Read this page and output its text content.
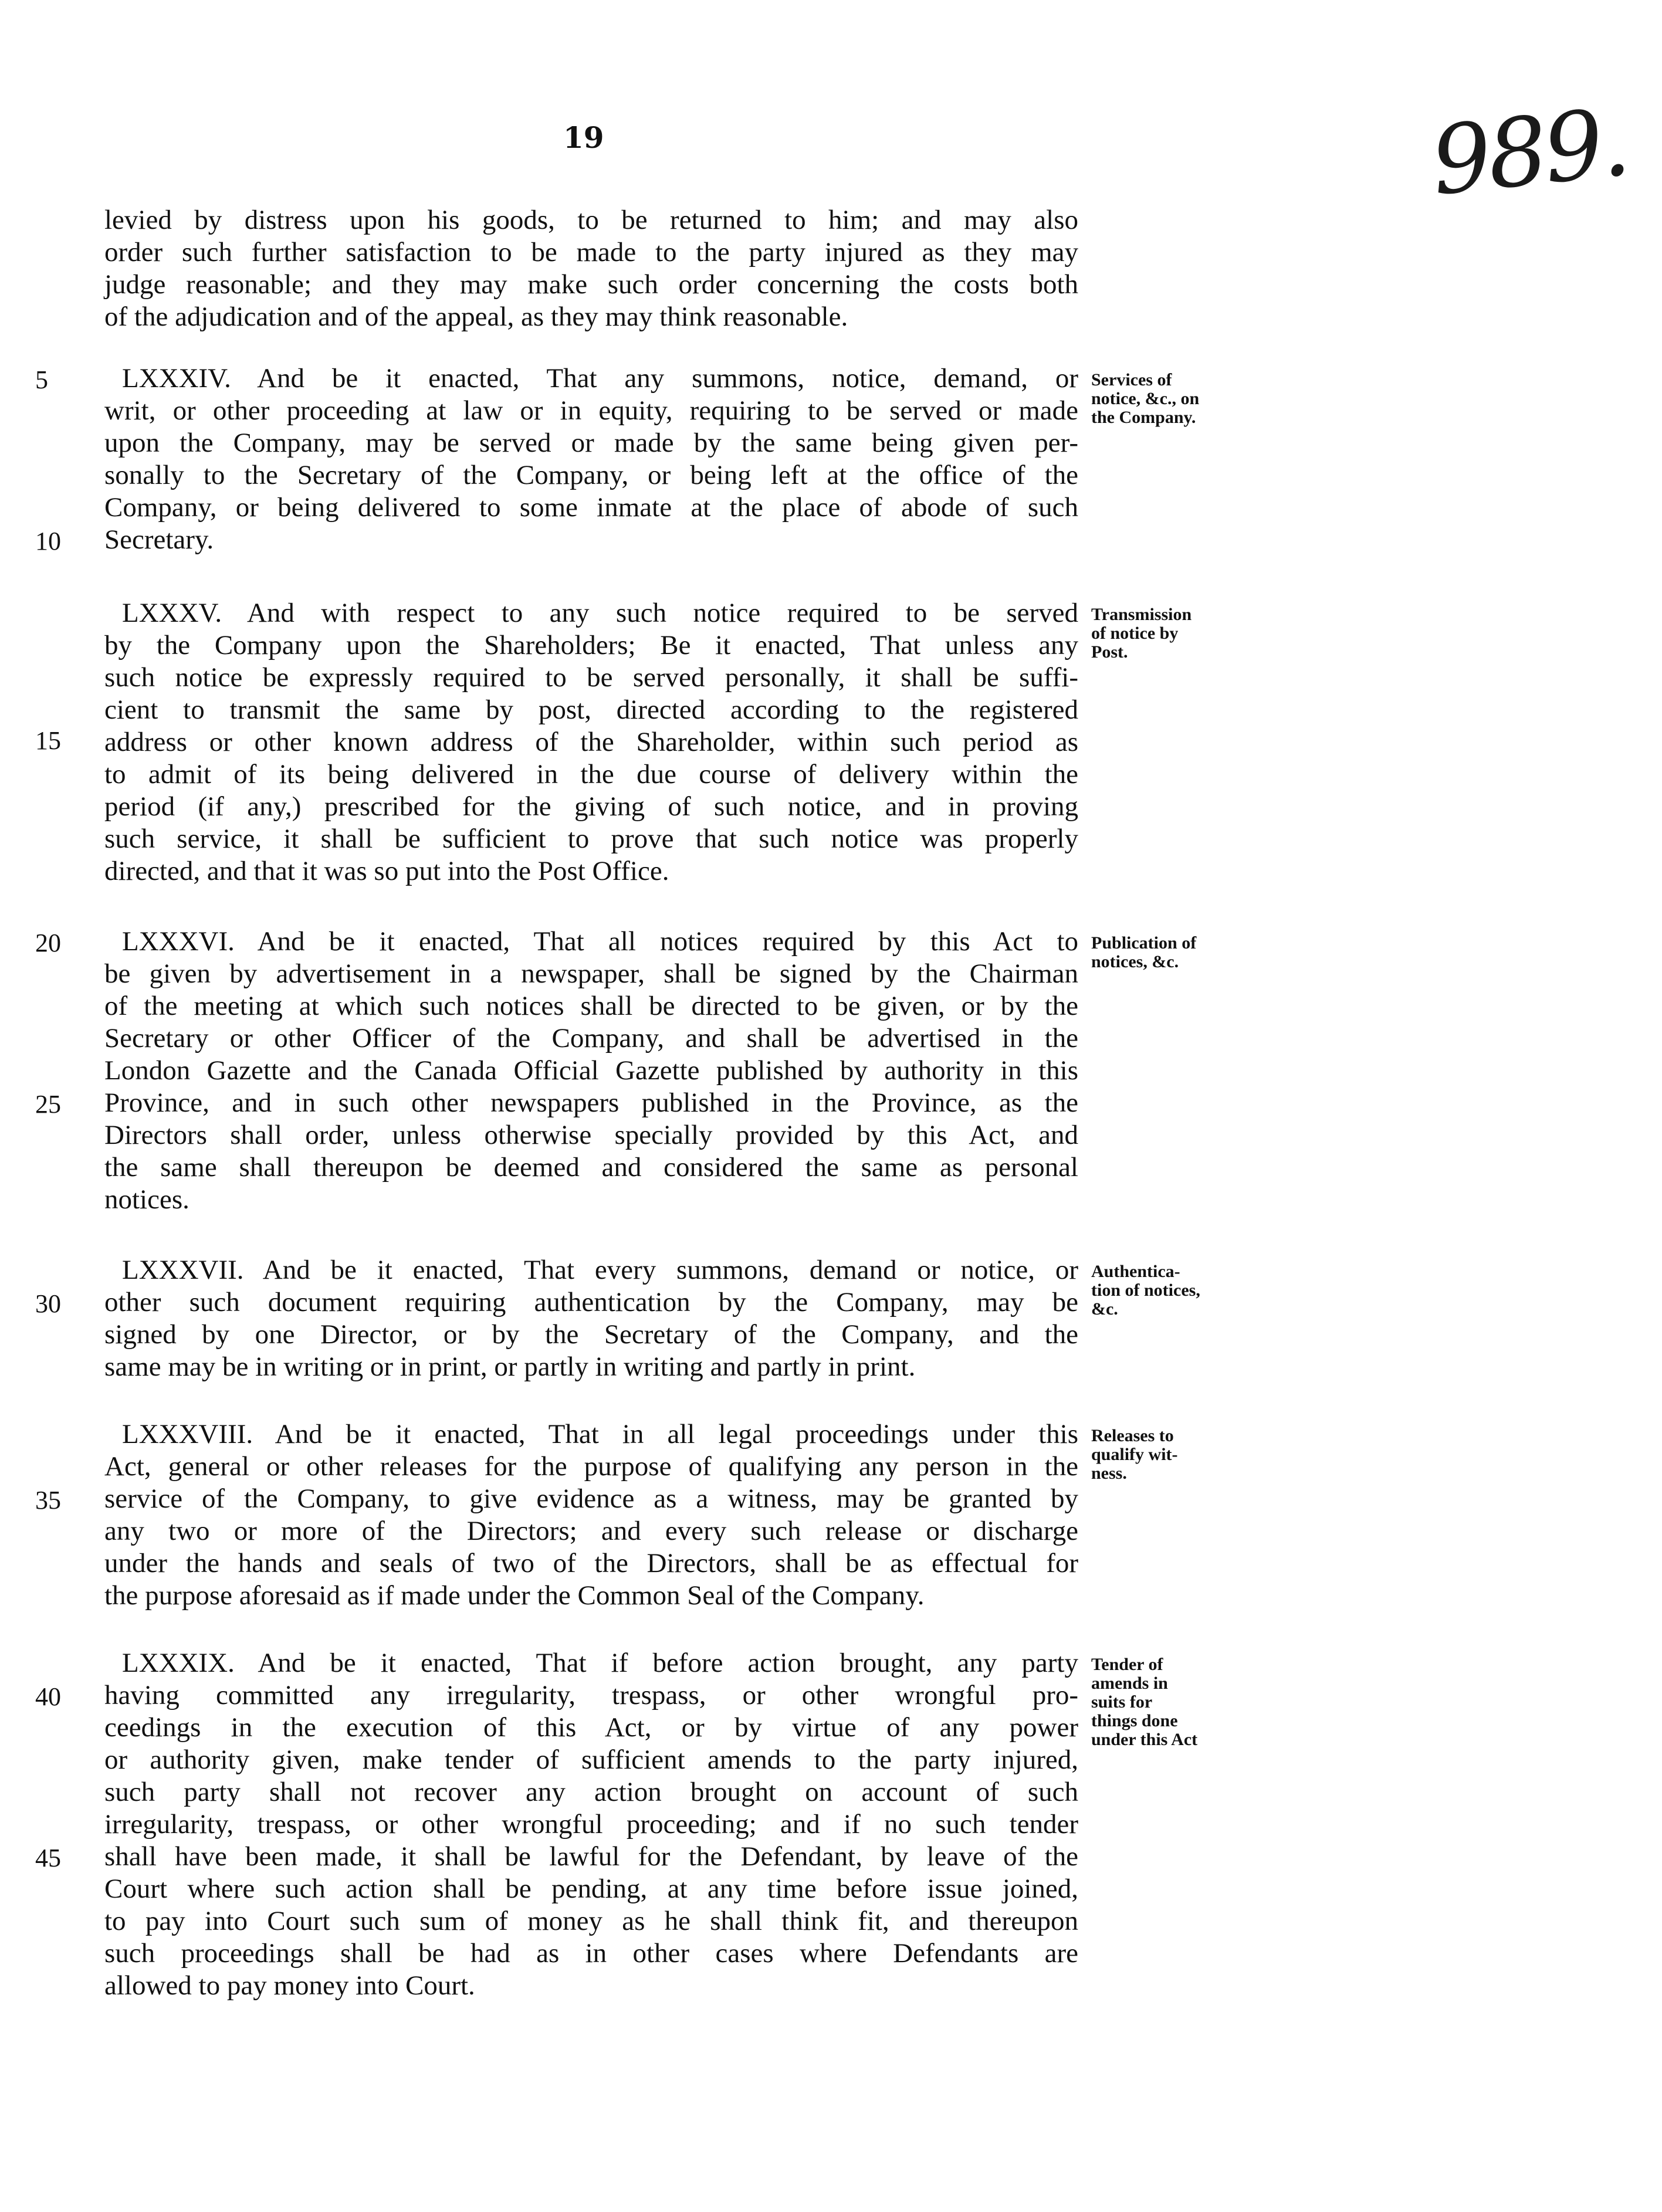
19	989.
levied by distress upon his goods, to be returned to him; and may also
order such further satisfaction to be made to the party injured as they may
judge reasonable; and they may make such order concerning the costs both
of the adjudication and of the appeal, as they may think reasonable.
LXXXIV. And be it enacted, That any summons, notice, demand, or
writ, or other proceeding at law or in equity, requiring to be served or made
upon the Company, may be served or made by the same being given per-
sonally to the Secretary of the Company, or being left at the office of the
Company, or being delivered to some inmate at the place of abode of such
Secretary.
Services of
notice, &c., on
the Company.
LXXXV. And with respect to any such notice required to be served
by the Company upon the Shareholders; Be it enacted, That unless any
such notice be expressly required to be served personally, it shall be suffi-
cient to transmit the same by post, directed according to the registered
address or other known address of the Shareholder, within such period as
to admit of its being delivered in the due course of delivery within the
period (if any,) prescribed for the giving of such notice, and in proving
such service, it shall be sufficient to prove that such notice was properly
directed, and that it was so put into the Post Office.
Transmission
of notice by
Post.
LXXXVI. And be it enacted, That all notices required by this Act to
be given by advertisement in a newspaper, shall be signed by the Chairman
of the meeting at which such notices shall be directed to be given, or by the
Secretary or other Officer of the Company, and shall be advertised in the
London Gazette and the Canada Official Gazette published by authority in this
Province, and in such other newspapers published in the Province, as the
Directors shall order, unless otherwise specially provided by this Act, and
the same shall thereupon be deemed and considered the same as personal
notices.
Publication of
notices, &c.
LXXXVII. And be it enacted, That every summons, demand or notice, or
other such document requiring authentication by the Company, may be
signed by one Director, or by the Secretary of the Company, and the
same may be in writing or in print, or partly in writing and partly in print.
Authentica-
tion of notices,
&c.
LXXXVIII. And be it enacted, That in all legal proceedings under this
Act, general or other releases for the purpose of qualifying any person in the
service of the Company, to give evidence as a witness, may be granted by
any two or more of the Directors; and every such release or discharge
under the hands and seals of two of the Directors, shall be as effectual for
the purpose aforesaid as if made under the Common Seal of the Company.
Releases to
qualify wit-
ness.
LXXXIX. And be it enacted, That if before action brought, any party
having committed any irregularity, trespass, or other wrongful pro-
ceedings in the execution of this Act, or by virtue of any power
or authority given, make tender of sufficient amends to the party injured,
such party shall not recover any action brought on account of such
irregularity, trespass, or other wrongful proceeding; and if no such tender
shall have been made, it shall be lawful for the Defendant, by leave of the
Court where such action shall be pending, at any time before issue joined,
to pay into Court such sum of money as he shall think fit, and thereupon
such proceedings shall be had as in other cases where Defendants are
allowed to pay money into Court.
Tender of
amends in
suits for
things done
under this Act
5
10
15
20
25
30
35
40
45
